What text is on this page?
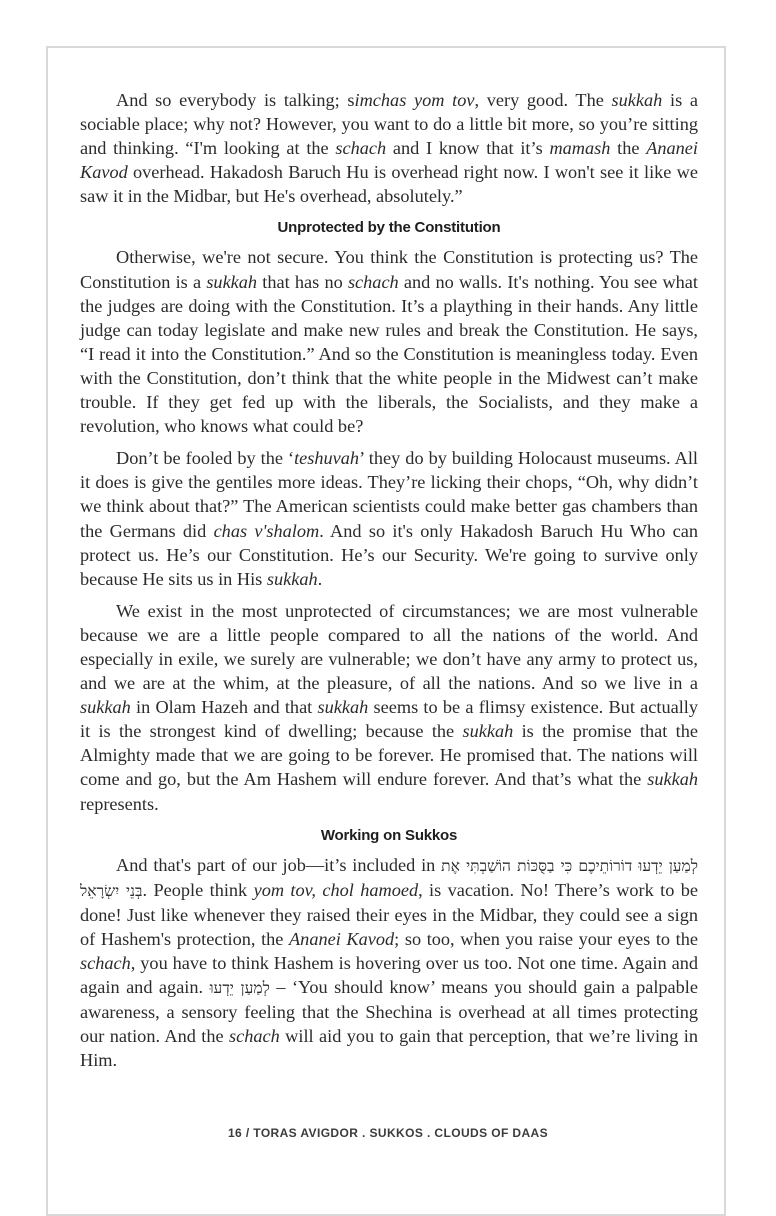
And so everybody is talking; simchas yom tov, very good. The sukkah is a sociable place; why not? However, you want to do a little bit more, so you’re sitting and thinking. “I'm looking at the schach and I know that it’s mamash the Ananei Kavod overhead. Hakadosh Baruch Hu is overhead right now. I won't see it like we saw it in the Midbar, but He's overhead, absolutely.”

Unprotected by the Constitution

Otherwise, we're not secure. You think the Constitution is protecting us? The Constitution is a sukkah that has no schach and no walls. It's nothing. You see what the judges are doing with the Constitution. It’s a plaything in their hands. Any little judge can today legislate and make new rules and break the Constitution. He says, “I read it into the Constitution.” And so the Constitution is meaningless today. Even with the Constitution, don’t think that the white people in the Midwest can’t make trouble. If they get fed up with the liberals, the Socialists, and they make a revolution, who knows what could be?

Don’t be fooled by the ‘teshuvah’ they do by building Holocaust museums. All it does is give the gentiles more ideas. They’re licking their chops, “Oh, why didn’t we think about that?” The American scientists could make better gas chambers than the Germans did chas v'shalom. And so it's only Hakadosh Baruch Hu Who can protect us. He’s our Constitution. He’s our Security. We're going to survive only because He sits us in His sukkah.

We exist in the most unprotected of circumstances; we are most vulnerable because we are a little people compared to all the nations of the world. And especially in exile, we surely are vulnerable; we don’t have any army to protect us, and we are at the whim, at the pleasure, of all the nations. And so we live in a sukkah in Olam Hazeh and that sukkah seems to be a flimsy existence. But actually it is the strongest kind of dwelling; because the sukkah is the promise that the Almighty made that we are going to be forever. He promised that. The nations will come and go, but the Am Hashem will endure forever. And that’s what the sukkah represents.

Working on Sukkos

And that's part of our job—it’s included in לְמַעַן יֵדְעוּ דוֹרוֹתֵיכֶם כִּי בַסֻּכּוֹת הוֹשַׁבְתִּי אֶת בְּנֵי יִשְׂרָאֵל. People think yom tov, chol hamoed, is vacation. No! There’s work to be done! Just like whenever they raised their eyes in the Midbar, they could see a sign of Hashem's protection, the Ananei Kavod; so too, when you raise your eyes to the schach, you have to think Hashem is hovering over us too. Not one time. Again and again and again. לְמַעַן יֵדְעוּ – ‘You should know’ means you should gain a palpable awareness, a sensory feeling that the Shechina is overhead at all times protecting our nation. And the schach will aid you to gain that perception, that we’re living in Him.

16 / TORAS AVIGDOR . SUKKOS . CLOUDS OF DAAS
